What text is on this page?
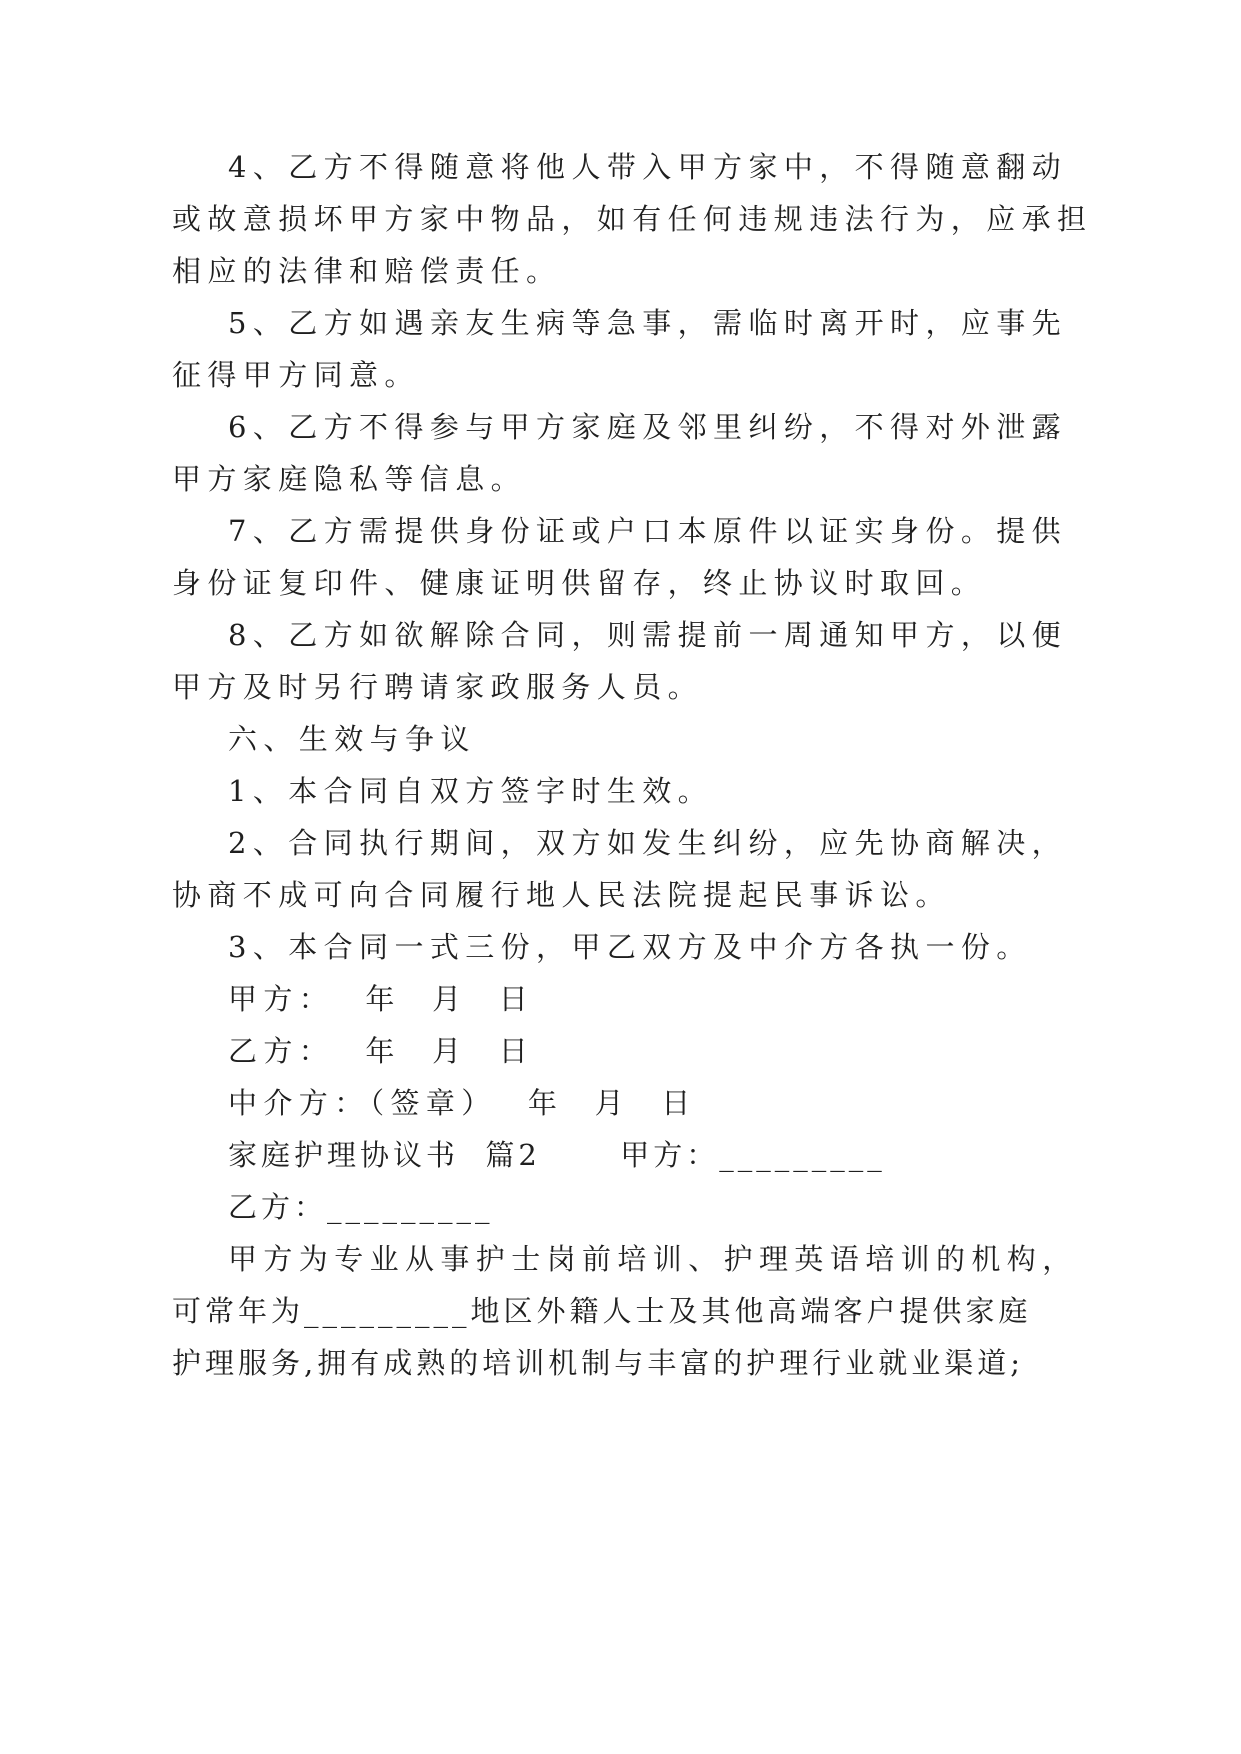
4、乙方不得随意将他人带入甲方家中，不得随意翻动
或故意损坏甲方家中物品，如有任何违规违法行为，应承担
相应的法律和赔偿责任。
5、乙方如遇亲友生病等急事，需临时离开时，应事先
征得甲方同意。
6、乙方不得参与甲方家庭及邻里纠纷，不得对外泄露
甲方家庭隐私等信息。
7、乙方需提供身份证或户口本原件以证实身份。提供
身份证复印件、健康证明供留存，终止协议时取回。
8、乙方如欲解除合同，则需提前一周通知甲方，以便
甲方及时另行聘请家政服务人员。
六、生效与争议
1、本合同自双方签字时生效。
2、合同执行期间，双方如发生纠纷，应先协商解决，
协商不成可向合同履行地人民法院提起民事诉讼。
3、本合同一式三份，甲乙双方及中介方各执一份。
甲方：  年  月  日
乙方：  年  月  日
中介方：（签章）  年  月  日
家庭护理协议书  篇2      甲方：_________
乙方：_________
甲方为专业从事护士岗前培训、护理英语培训的机构，
可常年为_________地区外籍人士及其他高端客户提供家庭
护理服务,拥有成熟的培训机制与丰富的护理行业就业渠道;
